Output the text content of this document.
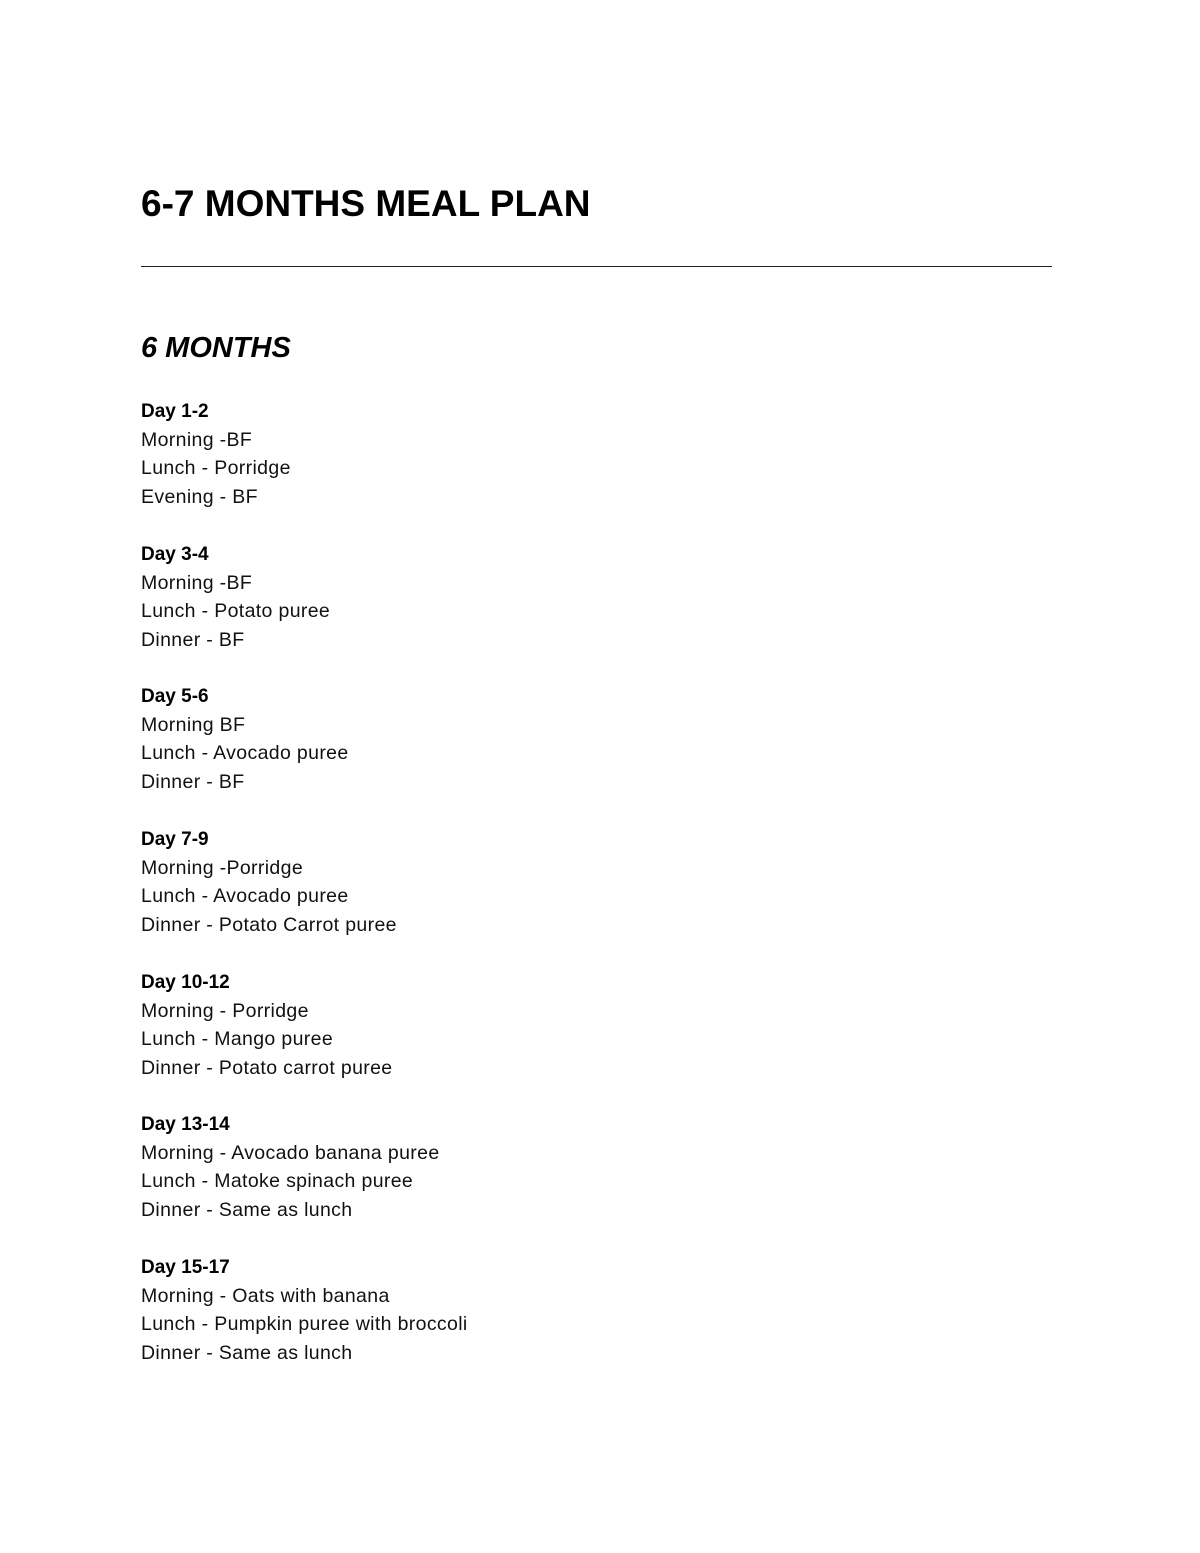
6-7 MONTHS MEAL PLAN
6 MONTHS

Day 1-2

Morning -BF

Lunch - Porridge

Evening - BF

Day 3-4

Morning -BF

Lunch - Potato puree

Dinner - BF

Day 5-6

Morning BF

Lunch - Avocado puree

Dinner - BF

Day 7-9

Morning -Porridge

Lunch - Avocado puree

Dinner - Potato Carrot puree

Day 10-12

Morning - Porridge

Lunch - Mango puree

Dinner - Potato carrot puree

Day 13-14

Morning - Avocado banana puree

Lunch - Matoke spinach puree

Dinner - Same as lunch

Day 15-17

Morning - Oats with banana

Lunch - Pumpkin puree with broccoli

Dinner - Same as lunch
